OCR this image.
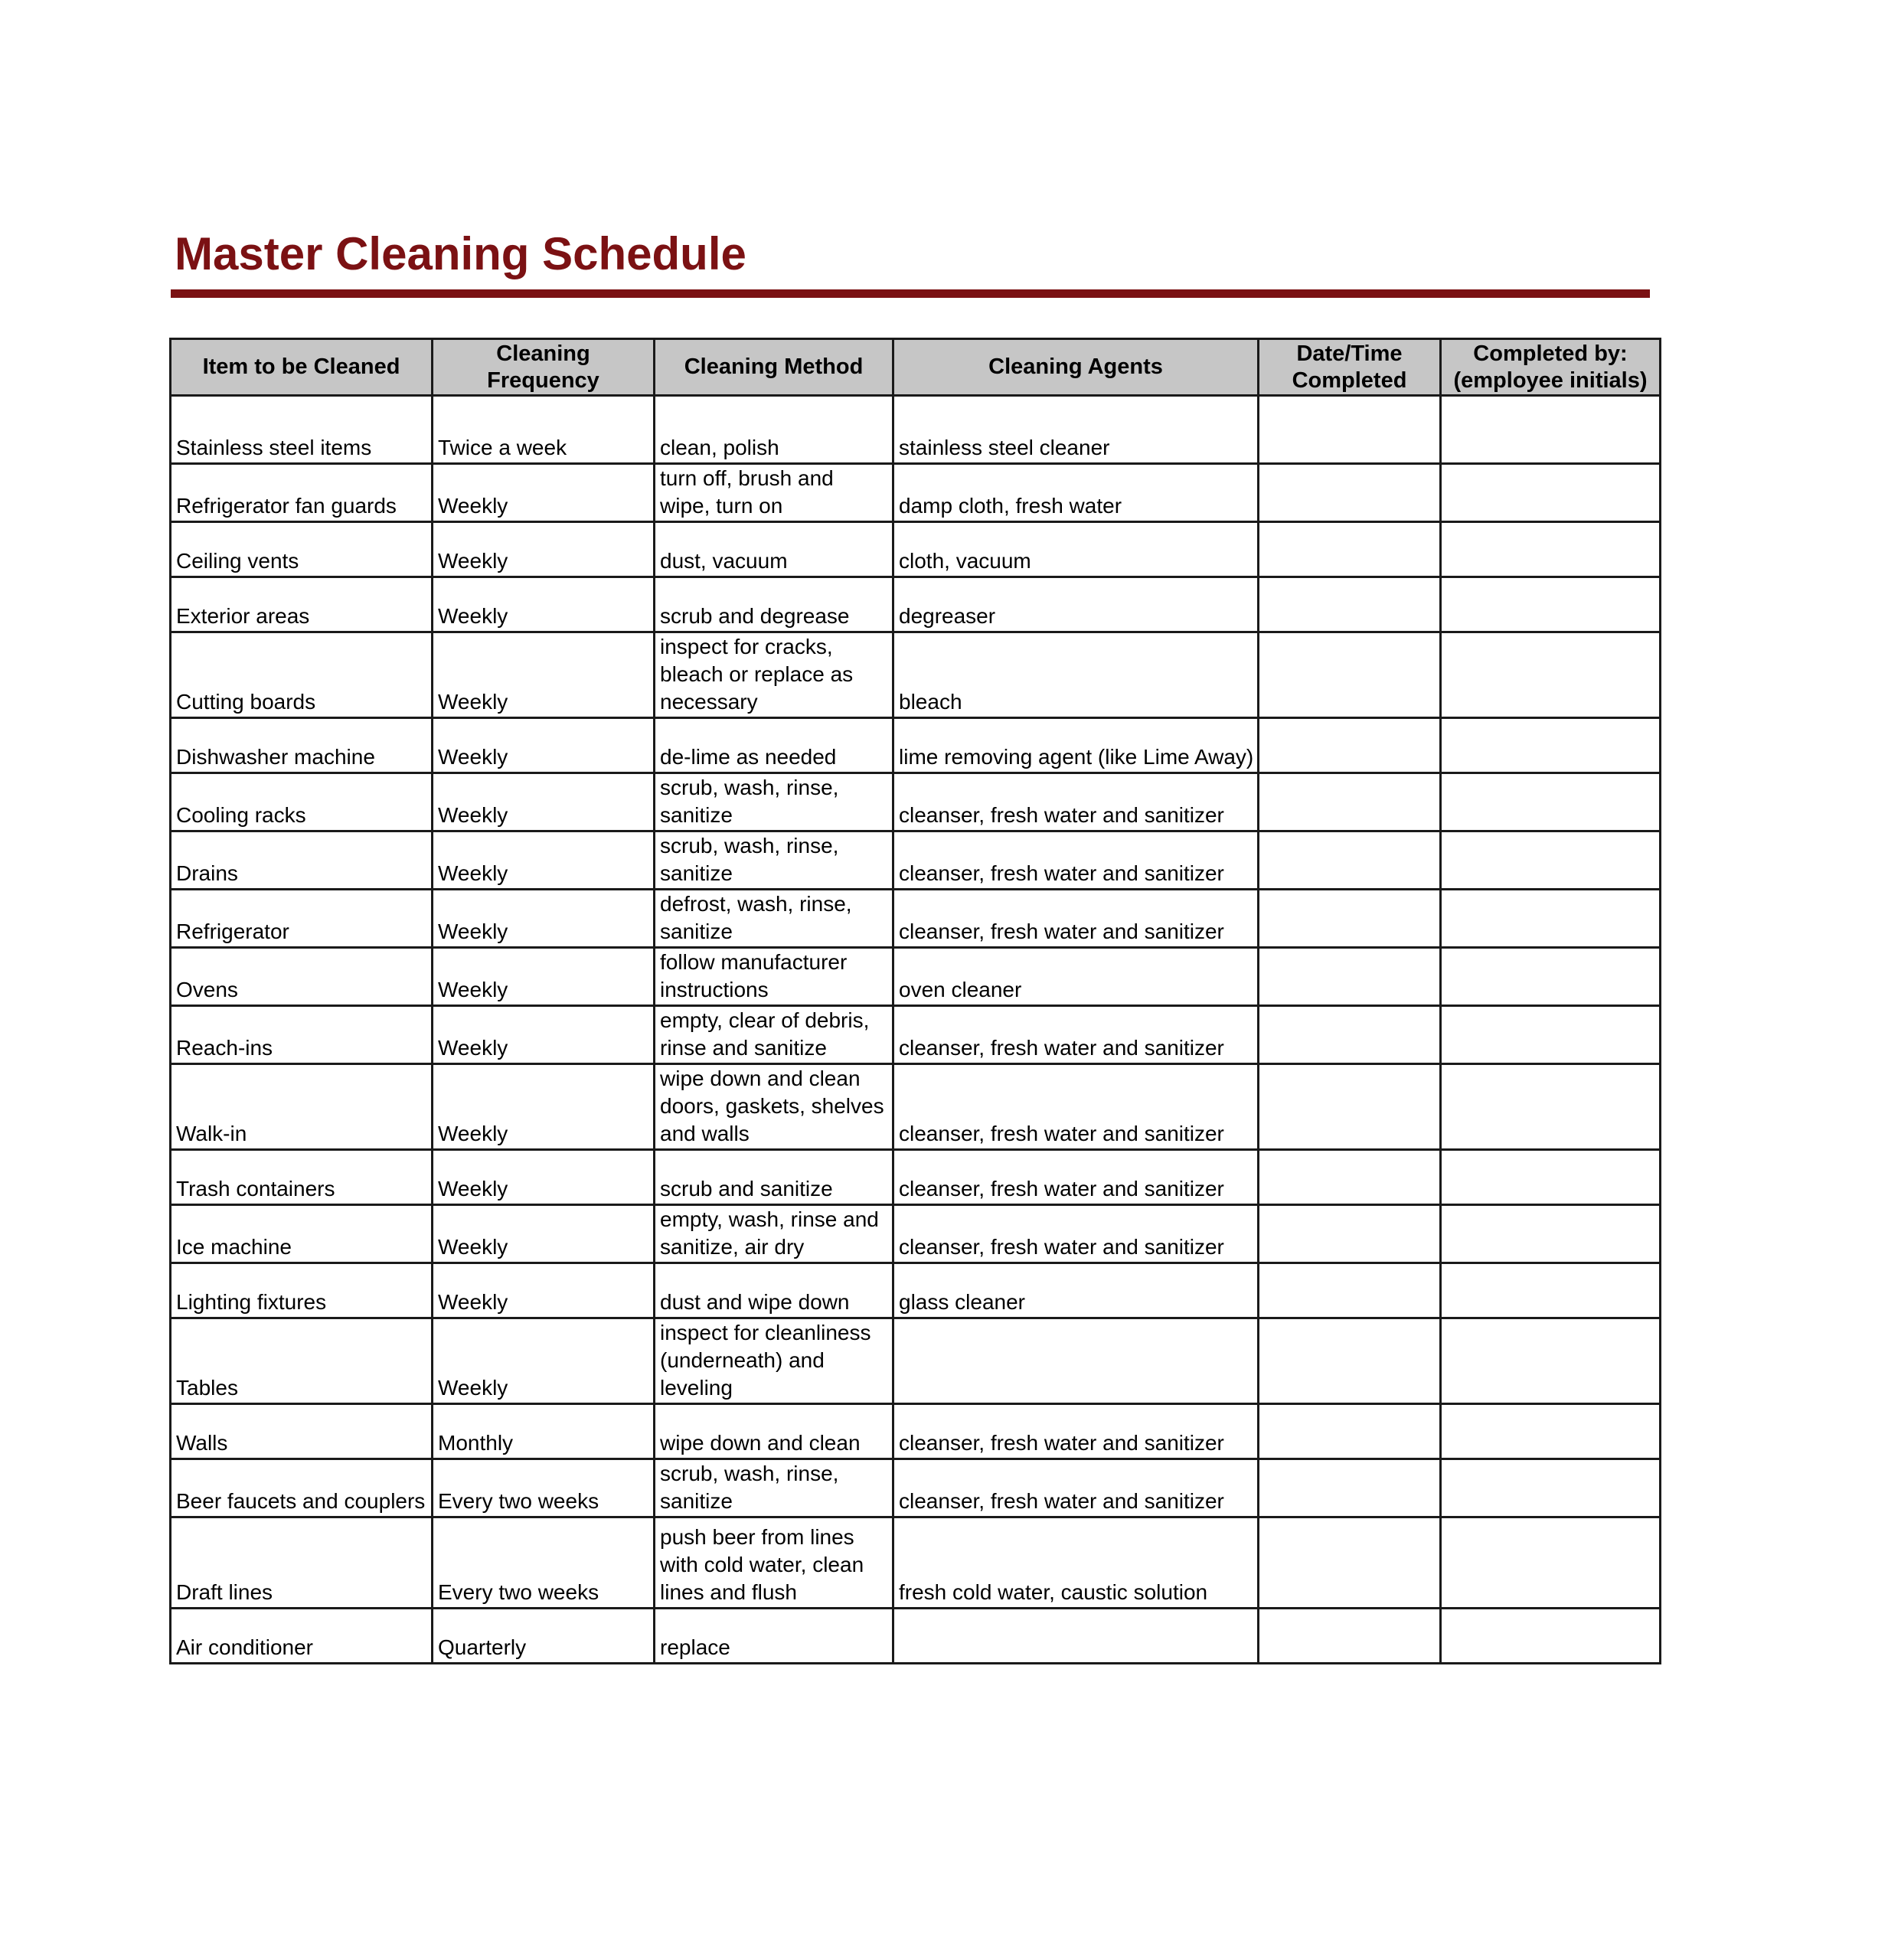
Master Cleaning Schedule
Item to be Cleaned	Cleaning Frequency	Cleaning Method	Cleaning Agents	Date/Time Completed	Completed by: (employee initials)
Stainless steel items	Twice a week	clean, polish	stainless steel cleaner		
Refrigerator fan guards	Weekly	turn off, brush and wipe, turn on	damp cloth, fresh water		
Ceiling vents	Weekly	dust, vacuum	cloth, vacuum		
Exterior areas	Weekly	scrub and degrease	degreaser		
Cutting boards	Weekly	inspect for cracks, bleach or replace as necessary	bleach		
Dishwasher machine	Weekly	de-lime as needed	lime removing agent (like Lime Away)		
Cooling racks	Weekly	scrub, wash, rinse, sanitize	cleanser, fresh water and sanitizer		
Drains	Weekly	scrub, wash, rinse, sanitize	cleanser, fresh water and sanitizer		
Refrigerator	Weekly	defrost, wash, rinse, sanitize	cleanser, fresh water and sanitizer		
Ovens	Weekly	follow manufacturer instructions	oven cleaner		
Reach-ins	Weekly	empty, clear of debris, rinse and sanitize	cleanser, fresh water and sanitizer		
Walk-in	Weekly	wipe down and clean doors, gaskets, shelves and walls	cleanser, fresh water and sanitizer		
Trash containers	Weekly	scrub and sanitize	cleanser, fresh water and sanitizer		
Ice machine	Weekly	empty, wash, rinse and sanitize, air dry	cleanser, fresh water and sanitizer		
Lighting fixtures	Weekly	dust and wipe down	glass cleaner		
Tables	Weekly	inspect for cleanliness (underneath) and leveling			
Walls	Monthly	wipe down and clean	cleanser, fresh water and sanitizer		
Beer faucets and couplers	Every two weeks	scrub, wash, rinse, sanitize	cleanser, fresh water and sanitizer		
Draft lines	Every two weeks	push beer from lines with cold water, clean lines and flush	fresh cold water, caustic solution		
Air conditioner	Quarterly	replace			
